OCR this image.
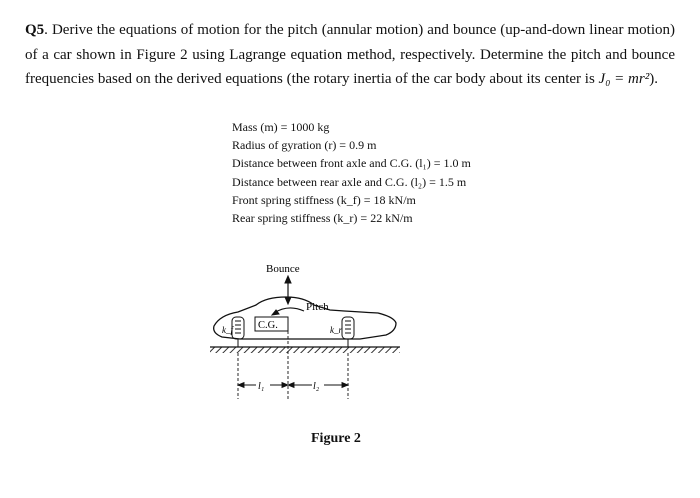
Q5. Derive the equations of motion for the pitch (annular motion) and bounce (up-and-down linear motion) of a car shown in Figure 2 using Lagrange equation method, respectively. Determine the pitch and bounce frequencies based on the derived equations (the rotary inertia of the car body about its center is J₀ = mr²).
Mass (m) = 1000 kg
Radius of gyration (r) = 0.9 m
Distance between front axle and C.G. (l₁) = 1.0 m
Distance between rear axle and C.G. (l₂) = 1.5 m
Front spring stiffness (k_f) = 18 kN/m
Rear spring stiffness (k_r) = 22 kN/m
Bounce
Pitch
C.G.
k_f	k_r
l₁	l₂
Figure 2
